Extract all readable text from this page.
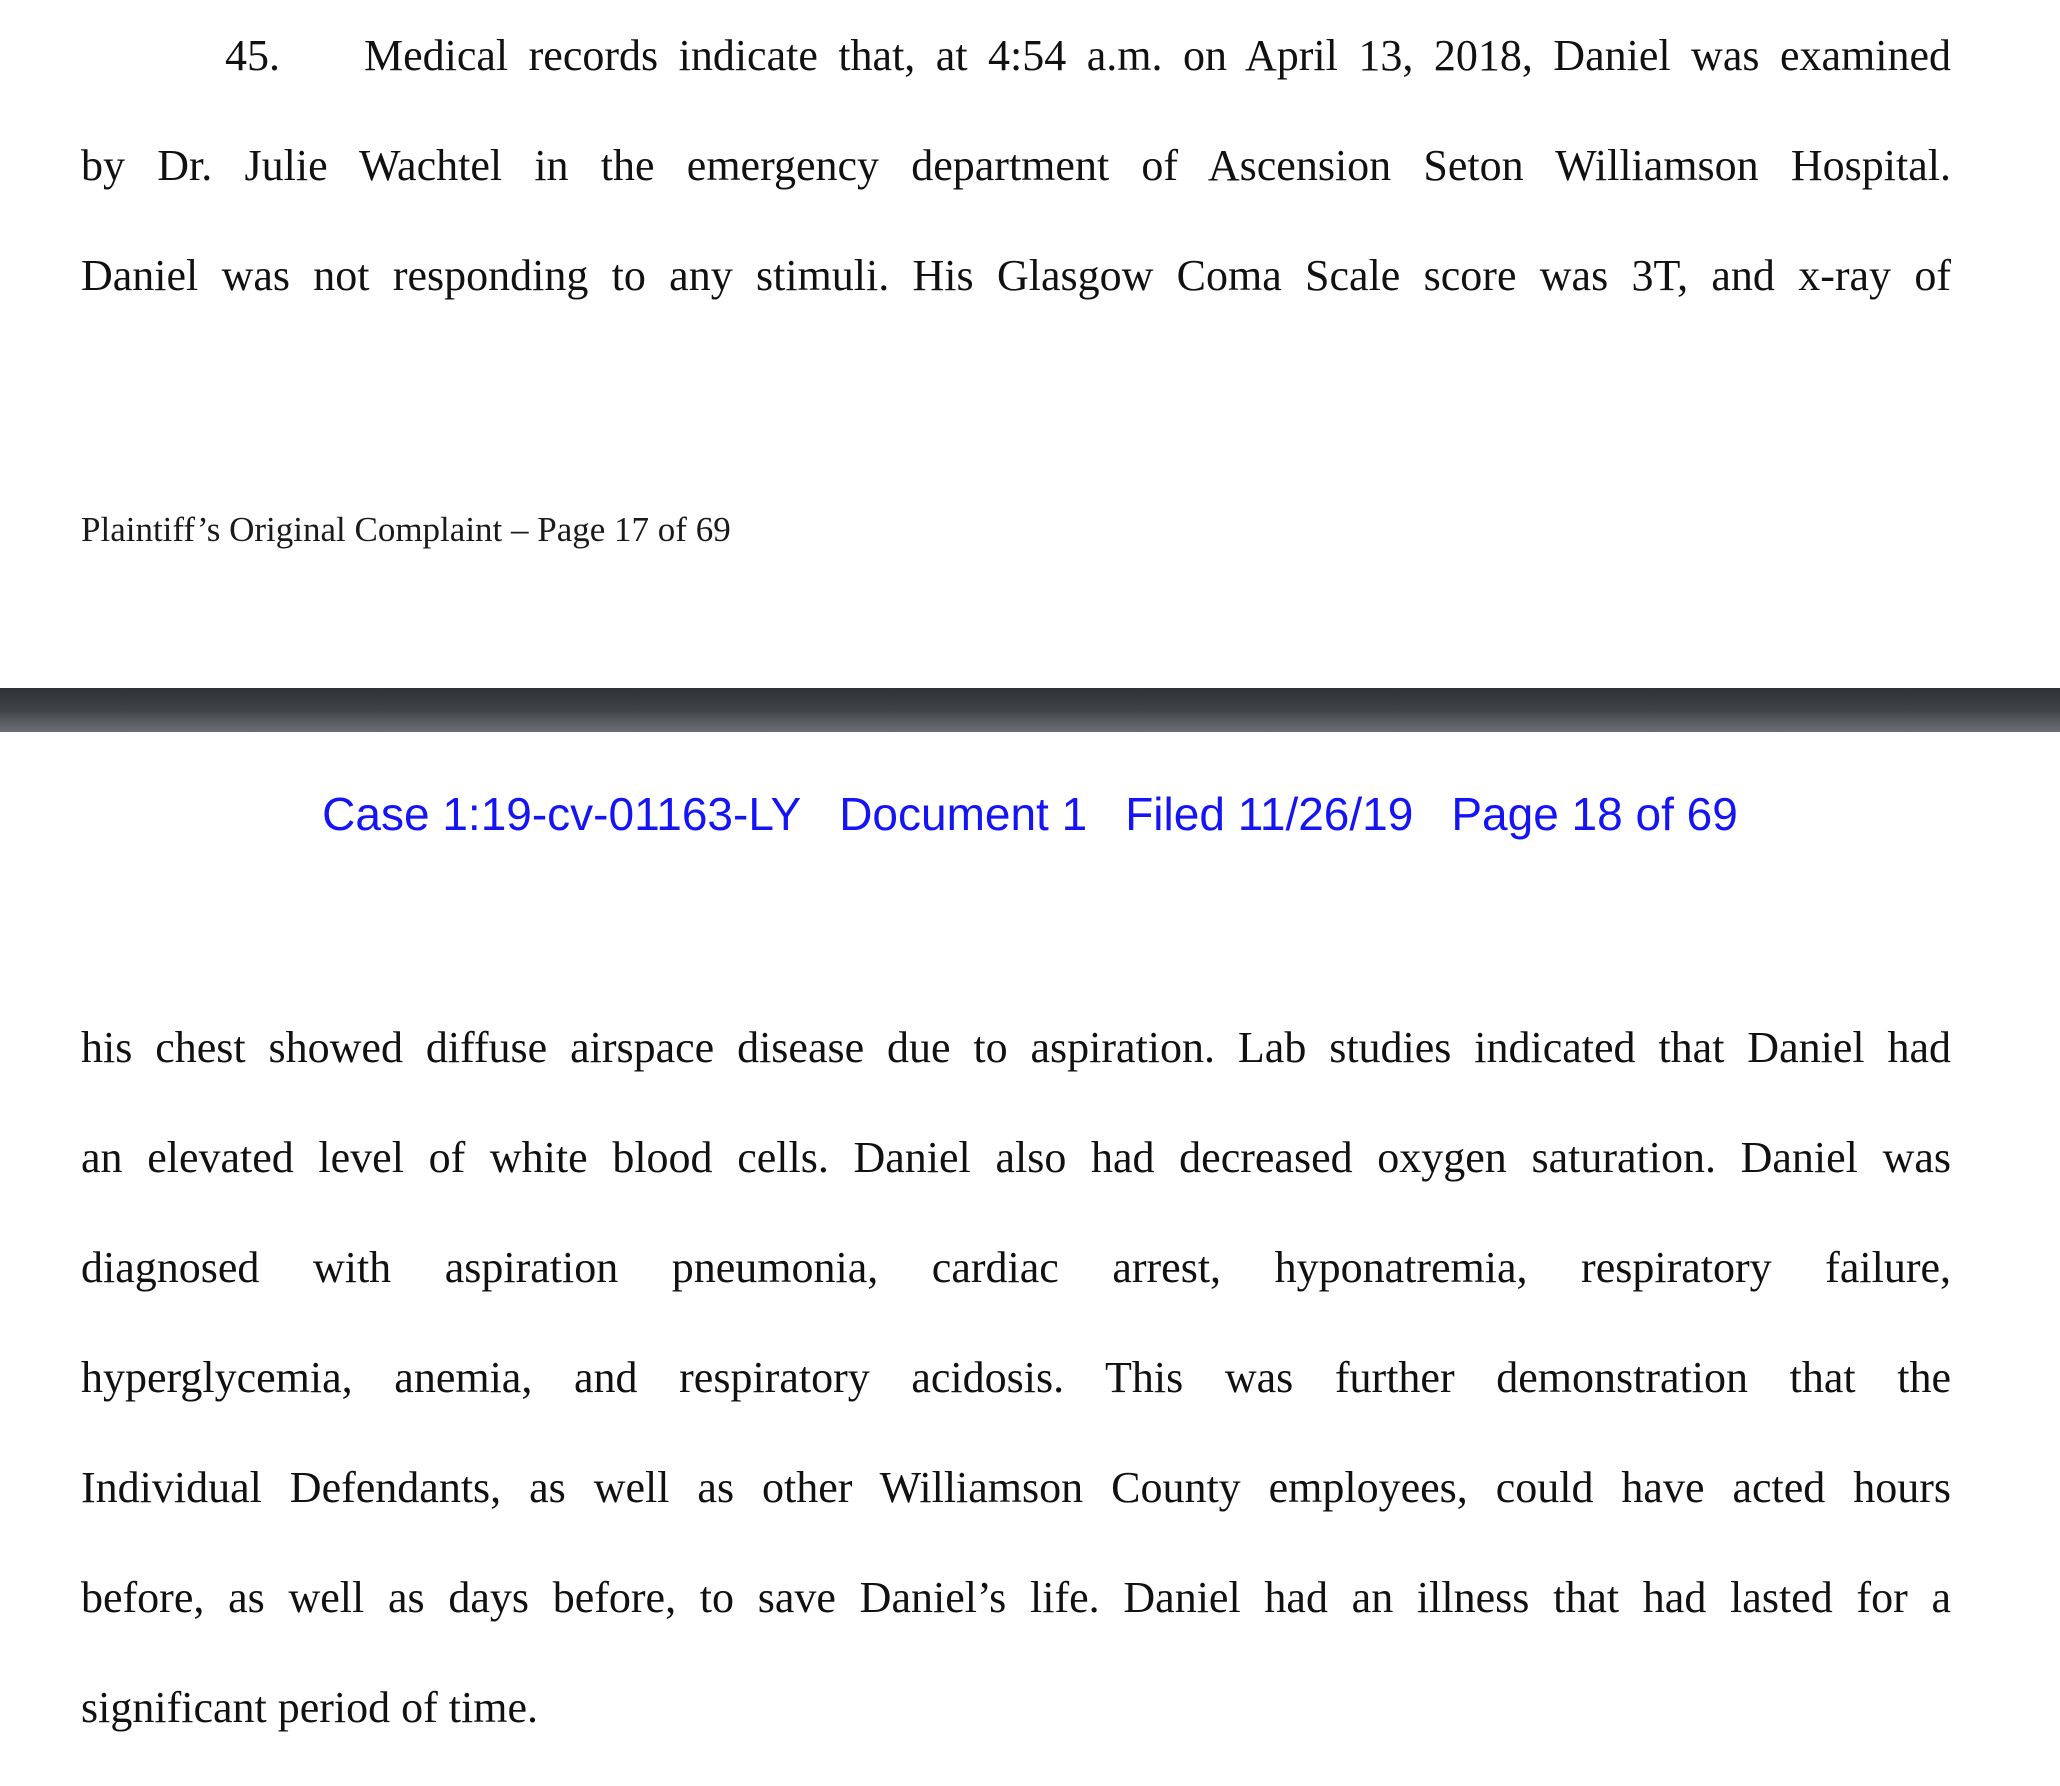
45. Medical records indicate that, at 4:54 a.m. on April 13, 2018, Daniel was examined
by Dr. Julie Wachtel in the emergency department of Ascension Seton Williamson Hospital.
Daniel was not responding to any stimuli. His Glasgow Coma Scale score was 3T, and x-ray of
Plaintiff’s Original Complaint – Page 17 of 69
Case 1:19-cv-01163-LY Document 1 Filed 11/26/19 Page 18 of 69
his chest showed diffuse airspace disease due to aspiration. Lab studies indicated that Daniel had
an elevated level of white blood cells. Daniel also had decreased oxygen saturation. Daniel was
diagnosed with aspiration pneumonia, cardiac arrest, hyponatremia, respiratory failure,
hyperglycemia, anemia, and respiratory acidosis. This was further demonstration that the
Individual Defendants, as well as other Williamson County employees, could have acted hours
before, as well as days before, to save Daniel’s life. Daniel had an illness that had lasted for a
significant period of time.
